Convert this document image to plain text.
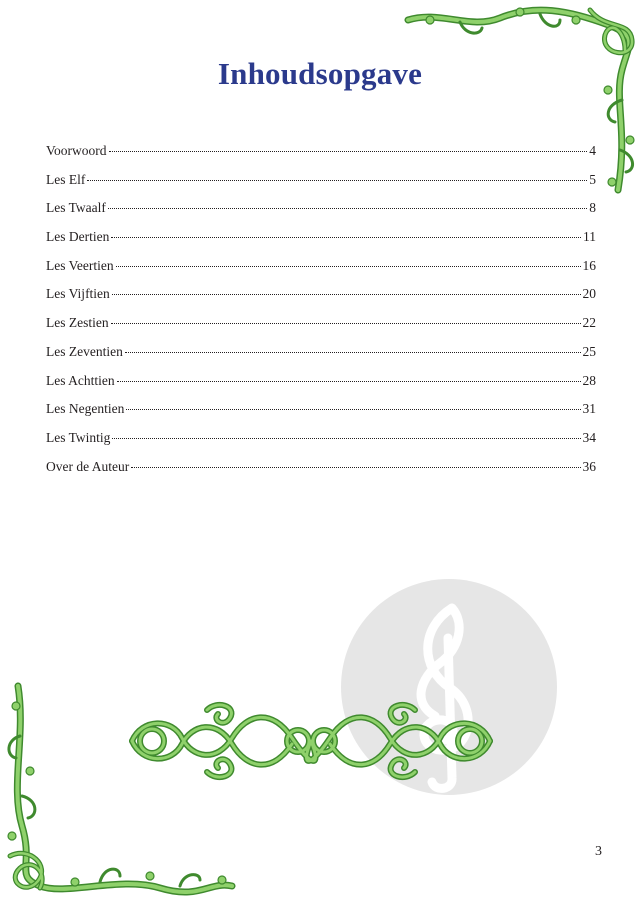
Inhoudsopgave
Voorwoord	4
Les Elf	5
Les Twaalf	8
Les Dertien	11
Les Veertien	16
Les Vijftien	20
Les Zestien	22
Les Zeventien	25
Les Achttien	28
Les Negentien	31
Les Twintig	34
Over de Auteur	36
3
